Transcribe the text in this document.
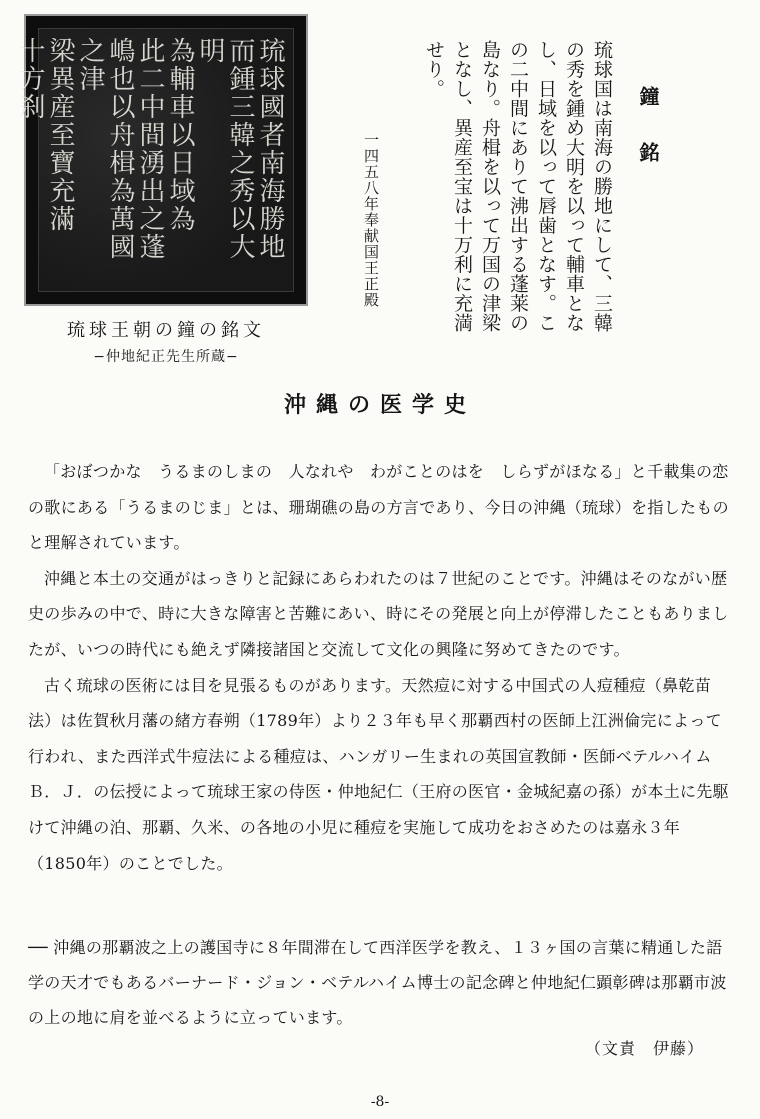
琉球國者南海勝地
而鍾三韓之秀以大明
為輔車以日域為
此二中間湧出之蓬
嶋也以舟楫為萬國之津
梁異産至寶充滿
十方刹
琉球王朝の鐘の銘文
−仲地紀正先生所蔵−
鐘銘
琉球国は南海の勝地にして、三韓の秀を鍾め大明を以って輔車となし、日域を以って唇歯となす。この二中間にありて沸出する蓬莱の島なり。舟楫を以って万国の津梁となし、異産至宝は十万利に充満せり。
一四五八年奉献国王正殿
沖縄の医学史

「おぼつかな　うるまのしまの　人なれや　わがことのはを　しらずがほなる」と千載集の恋の歌にある「うるまのじま」とは、珊瑚礁の島の方言であり、今日の沖縄（琉球）を指したものと理解されています。

沖縄と本土の交通がはっきりと記録にあらわれたのは７世紀のことです。沖縄はそのながい歴史の歩みの中で、時に大きな障害と苦難にあい、時にその発展と向上が停滞したこともありましたが、いつの時代にも絶えず隣接諸国と交流して文化の興隆に努めてきたのです。

古く琉球の医術には目を見張るものがあります。天然痘に対する中国式の人痘種痘（鼻乾苗法）は佐賀秋月藩の緒方春朔（1789年）より２３年も早く那覇西村の医師上江洲倫完によって行われ、また西洋式牛痘法による種痘は、ハンガリー生まれの英国宣教師・医師ベテルハイムＢ．Ｊ．の伝授によって琉球王家の侍医・仲地紀仁（王府の医官・金城紀嘉の孫）が本土に先駆けて沖縄の泊、那覇、久米、の各地の小児に種痘を実施して成功をおさめたのは嘉永３年（1850年）のことでした。

── 沖縄の那覇波之上の護国寺に８年間滞在して西洋医学を教え、１３ヶ国の言葉に精通した語学の天才でもあるバーナード・ジョン・ベテルハイム博士の記念碑と仲地紀仁顕彰碑は那覇市波の上の地に肩を並べるように立っています。

（文責　伊藤）
-8-
